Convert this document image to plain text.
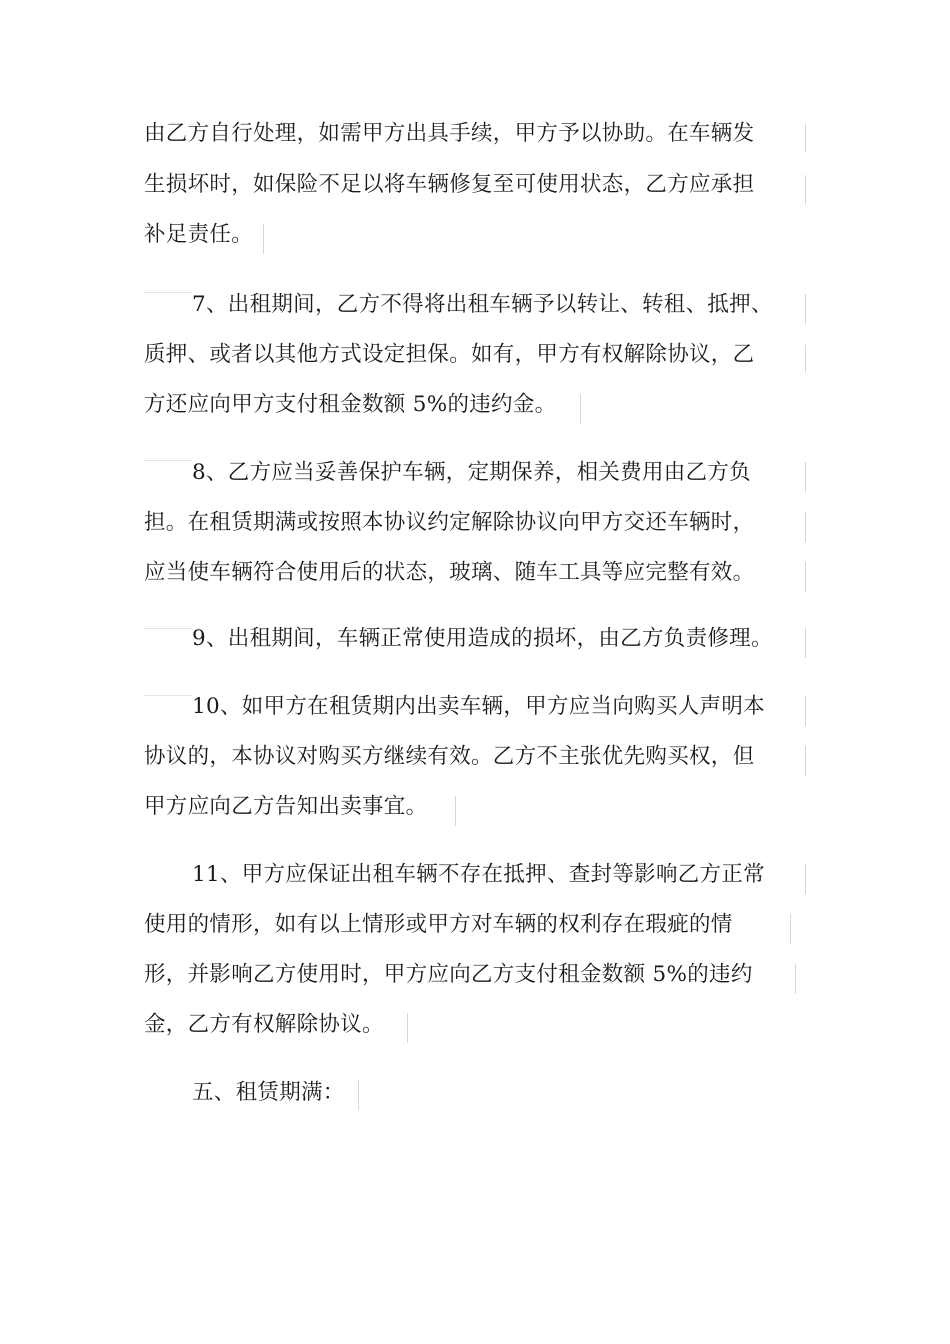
由乙方自行处理，如需甲方出具手续，甲方予以协助。在车辆发
生损坏时，如保险不足以将车辆修复至可使用状态，乙方应承担
补足责任。
7、出租期间，乙方不得将出租车辆予以转让、转租、抵押、
质押、或者以其他方式设定担保。如有，甲方有权解除协议，乙
方还应向甲方支付租金数额 5%的违约金。
8、乙方应当妥善保护车辆，定期保养，相关费用由乙方负
担。在租赁期满或按照本协议约定解除协议向甲方交还车辆时，
应当使车辆符合使用后的状态，玻璃、随车工具等应完整有效。
9、出租期间，车辆正常使用造成的损坏，由乙方负责修理。
10、如甲方在租赁期内出卖车辆，甲方应当向购买人声明本
协议的，本协议对购买方继续有效。乙方不主张优先购买权，但
甲方应向乙方告知出卖事宜。
11、甲方应保证出租车辆不存在抵押、查封等影响乙方正常
使用的情形，如有以上情形或甲方对车辆的权利存在瑕疵的情
形，并影响乙方使用时，甲方应向乙方支付租金数额 5%的违约
金，乙方有权解除协议。
五、租赁期满：
